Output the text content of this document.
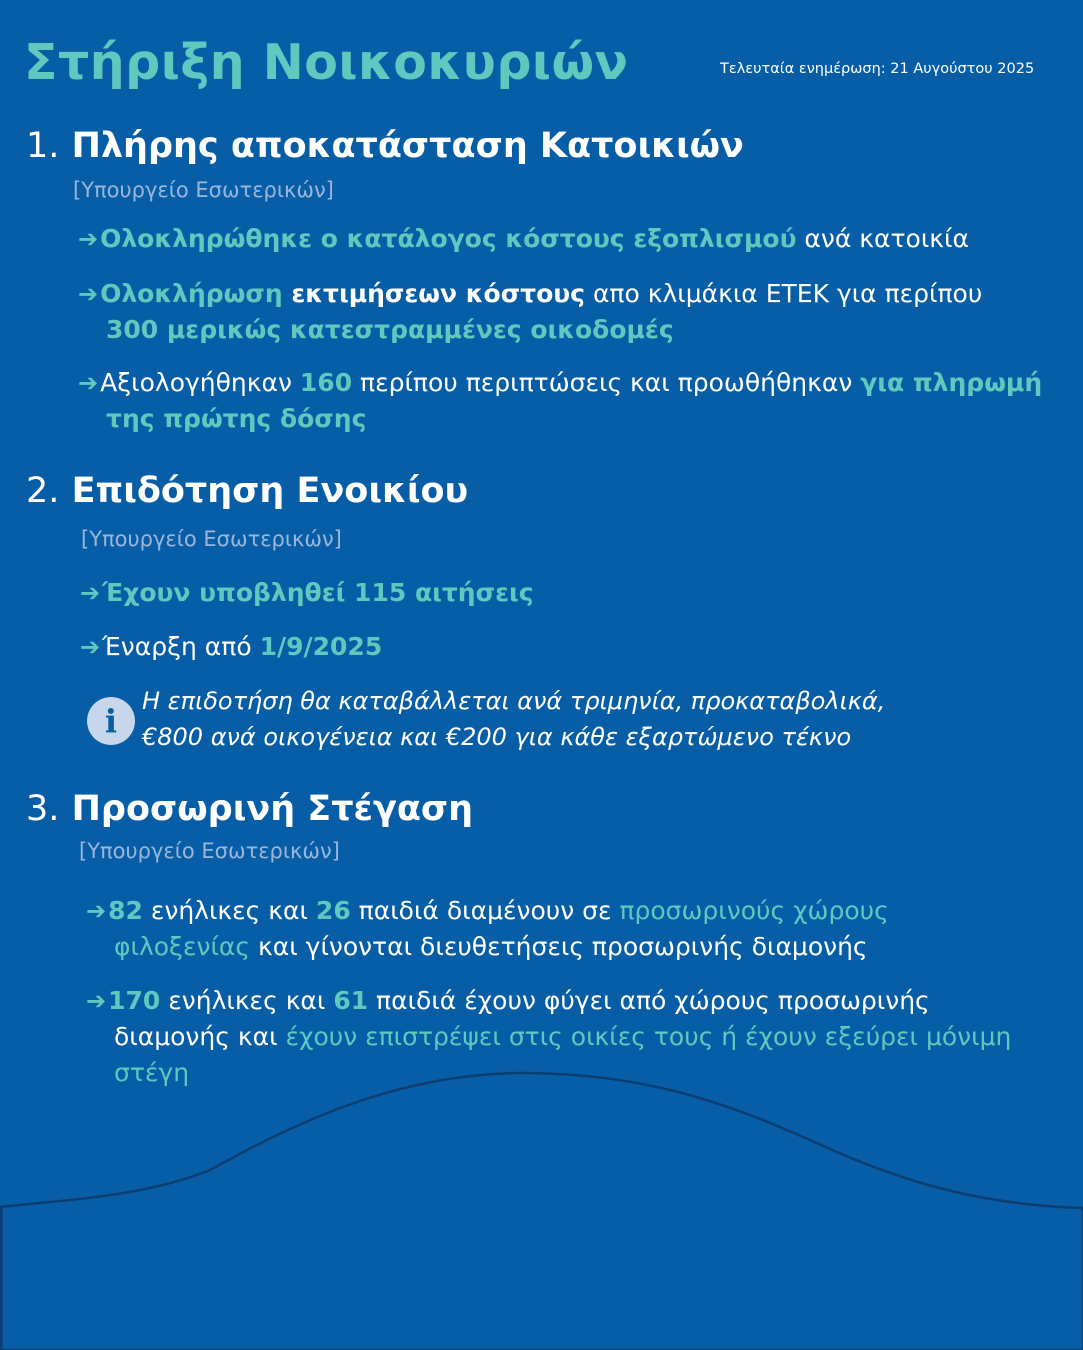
Στήριξη Νοικοκυριών	Τελευταία ενημέρωση: 21 Αυγούστου 2025
1. Πλήρης αποκατάσταση Κατοικιών
[Υπουργείο Εσωτερικών]
➔Ολοκληρώθηκε ο κατάλογος κόστους εξοπλισμού ανά κατοικία
➔Ολοκλήρωση εκτιμήσεων κόστους απο κλιμάκια ΕΤΕΚ για περίπου
300 μερικώς κατεστραμμένες οικοδομές
➔Αξιολογήθηκαν 160 περίπου περιπτώσεις και προωθήθηκαν για πληρωμή
της πρώτης δόσης
2. Επιδότηση Ενοικίου
[Υπουργείο Εσωτερικών]
➔Έχουν υποβληθεί 115 αιτήσεις
➔Έναρξη από 1/9/2025
i
Η επιδοτήση θα καταβάλλεται ανά τριμηνία, προκαταβολικά,
€800 ανά οικογένεια και €200 για κάθε εξαρτώμενο τέκνο
3. Προσωρινή Στέγαση
[Υπουργείο Εσωτερικών]
➔82 ενήλικες και 26 παιδιά διαμένουν σε προσωρινούς χώρους
φιλοξενίας και γίνονται διευθετήσεις προσωρινής διαμονής
➔170 ενήλικες και 61 παιδιά έχουν φύγει από χώρους προσωρινής
διαμονής και έχουν επιστρέψει στις οικίες τους ή έχουν εξεύρει μόνιμη
στέγη
